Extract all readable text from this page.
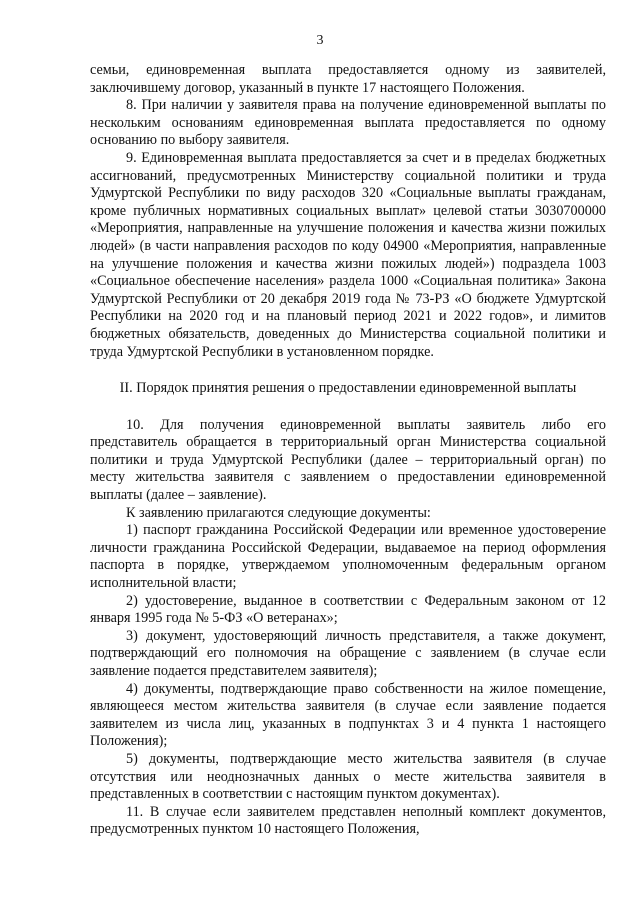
3

семьи, единовременная выплата предоставляется одному из заявителей, заключившему договор, указанный в пункте 17 настоящего Положения.

8. При наличии у заявителя права на получение единовременной выплаты по нескольким основаниям единовременная выплата предоставляется по одному основанию по выбору заявителя.

9. Единовременная выплата предоставляется за счет и в пределах бюджетных ассигнований, предусмотренных Министерству социальной политики и труда Удмуртской Республики по виду расходов 320 «Социальные выплаты гражданам, кроме публичных нормативных социальных выплат» целевой статьи 3030700000 «Мероприятия, направленные на улучшение положения и качества жизни пожилых людей» (в части направления расходов по коду 04900 «Мероприятия, направленные на улучшение положения и качества жизни пожилых людей») подраздела 1003 «Социальное обеспечение населения» раздела 1000 «Социальная политика» Закона Удмуртской Республики от 20 декабря 2019 года № 73-РЗ «О бюджете Удмуртской Республики на 2020 год и на плановый период 2021 и 2022 годов», и лимитов бюджетных обязательств, доведенных до Министерства социальной политики и труда Удмуртской Республики в установленном порядке.

II. Порядок принятия решения о предоставлении единовременной выплаты

10. Для получения единовременной выплаты заявитель либо его представитель обращается в территориальный орган Министерства социальной политики и труда Удмуртской Республики (далее – территориальный орган) по месту жительства заявителя с заявлением о предоставлении единовременной выплаты (далее – заявление).

К заявлению прилагаются следующие документы:

1) паспорт гражданина Российской Федерации или временное удостоверение личности гражданина Российской Федерации, выдаваемое на период оформления паспорта в порядке, утверждаемом уполномоченным федеральным органом исполнительной власти;

2) удостоверение, выданное в соответствии с Федеральным законом от 12 января 1995 года № 5-ФЗ «О ветеранах»;

3) документ, удостоверяющий личность представителя, а также документ, подтверждающий его полномочия на обращение с заявлением (в случае если заявление подается представителем заявителя);

4) документы, подтверждающие право собственности на жилое помещение, являющееся местом жительства заявителя (в случае если заявление подается заявителем из числа лиц, указанных в подпунктах 3 и 4 пункта 1 настоящего Положения);

5) документы, подтверждающие место жительства заявителя (в случае отсутствия или неоднозначных данных о месте жительства заявителя в представленных в соответствии с настоящим пунктом документах).

11. В случае если заявителем представлен неполный комплект документов, предусмотренных пунктом 10 настоящего Положения,
